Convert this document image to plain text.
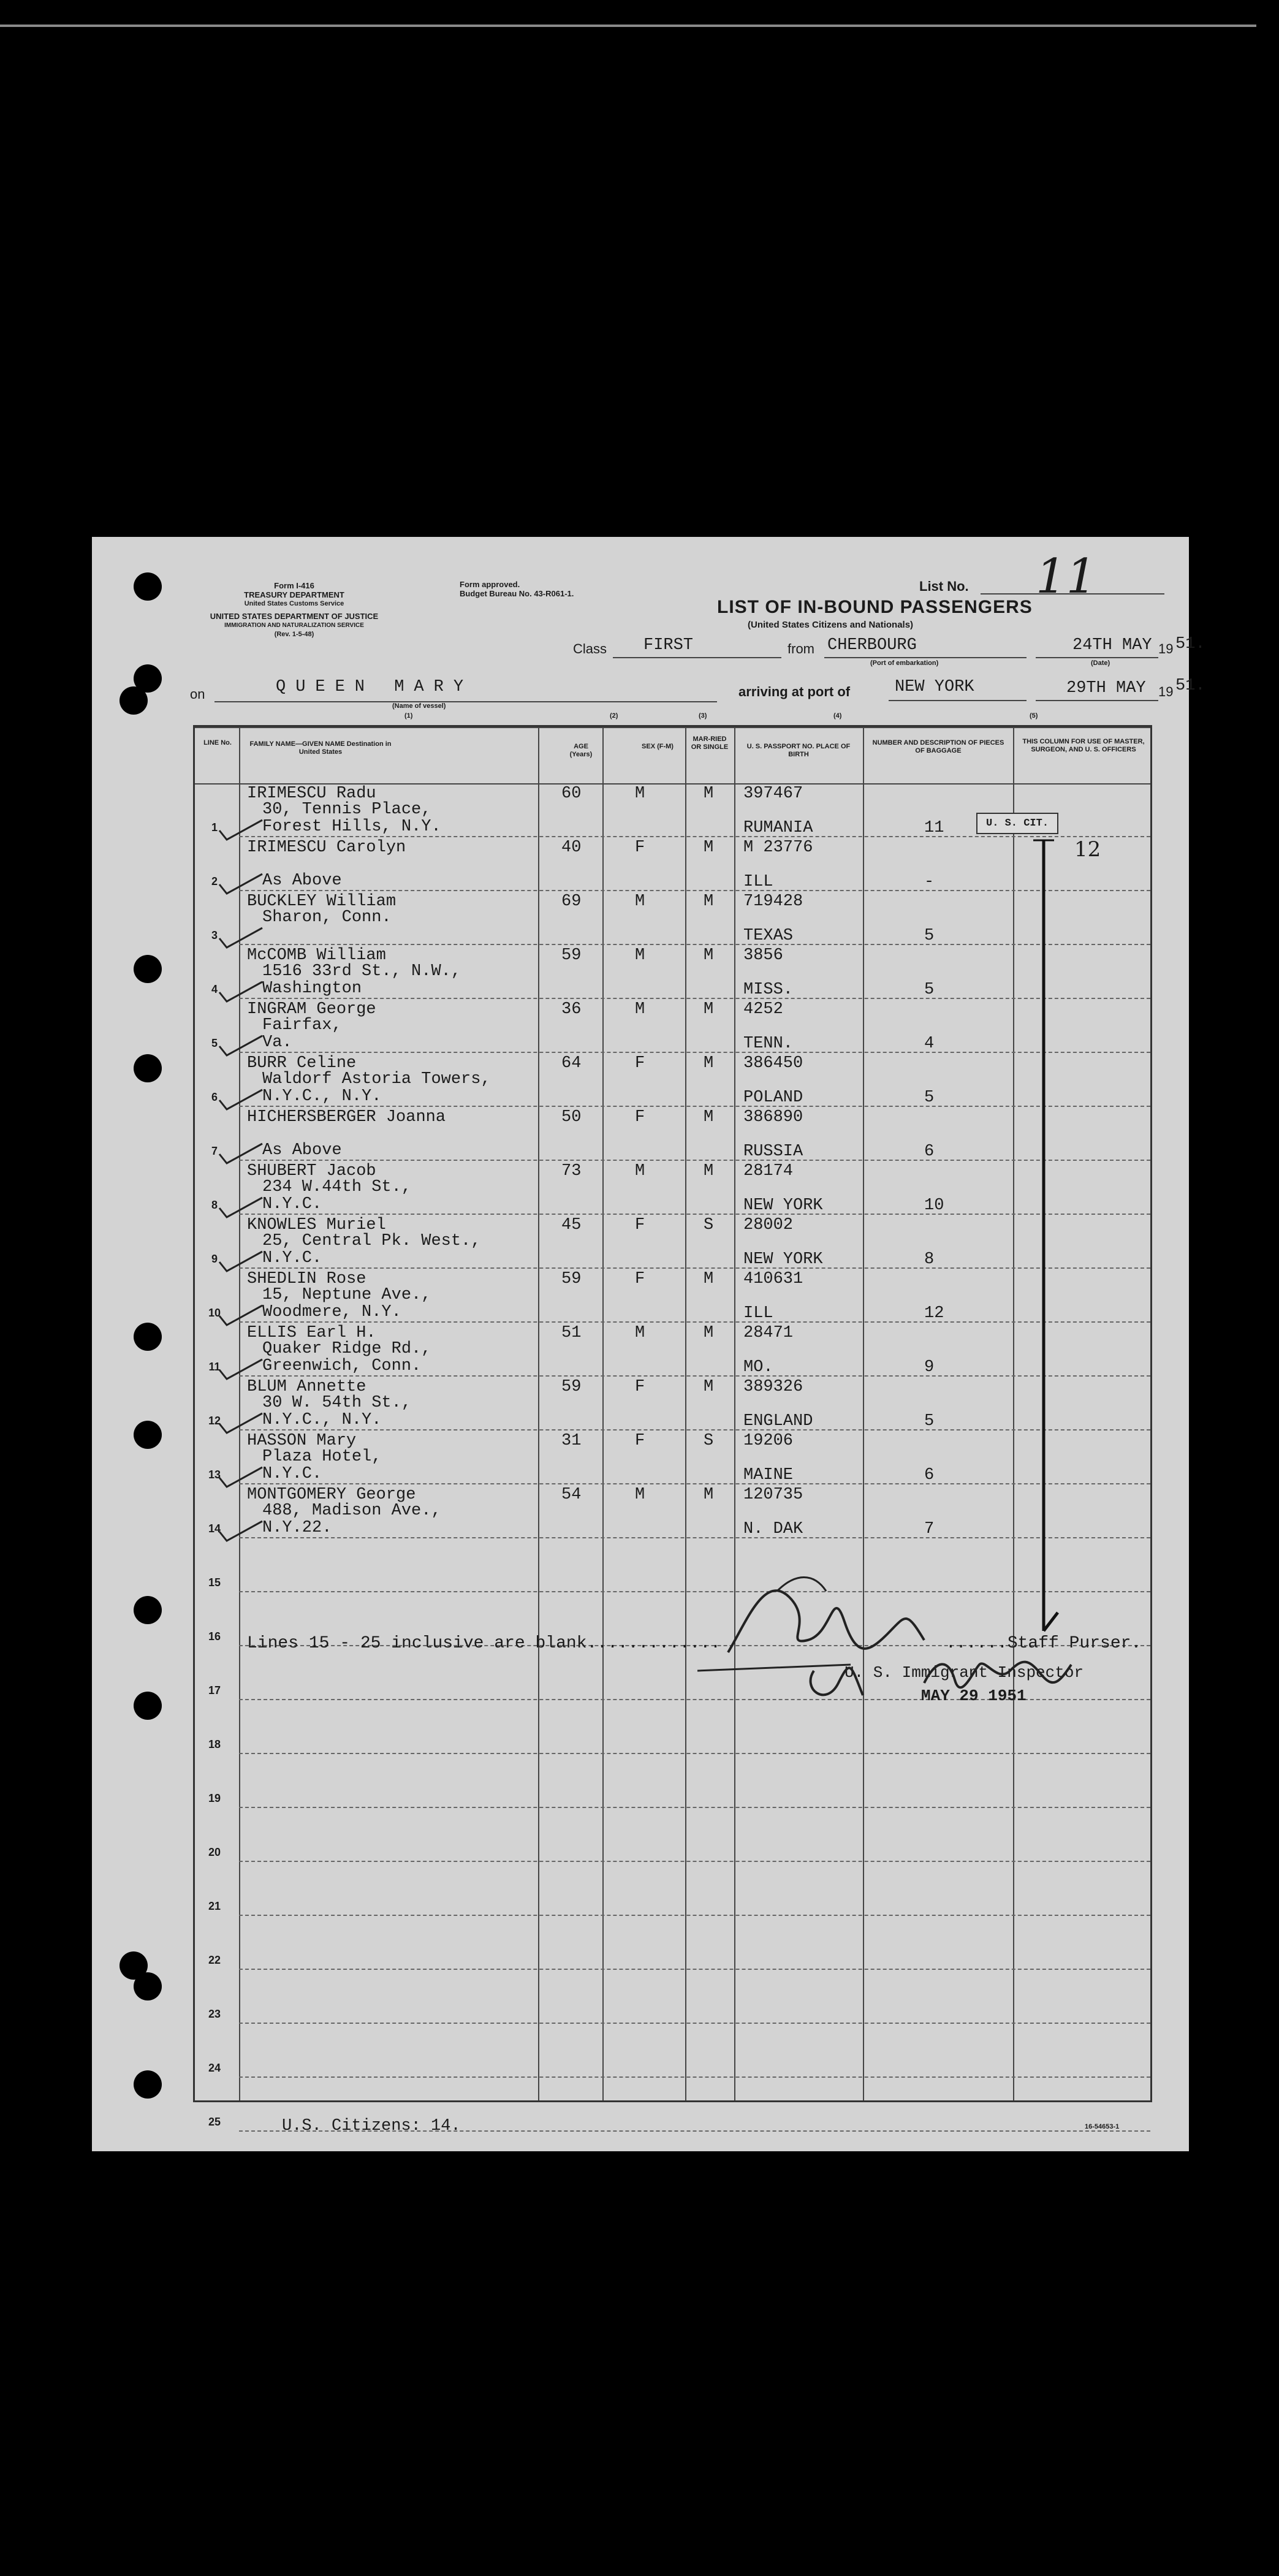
Form I-416
TREASURY DEPARTMENT
United States Customs Service
UNITED STATES DEPARTMENT OF JUSTICE
IMMIGRATION AND NATURALIZATION SERVICE
(Rev. 1-5-48)
Form approved.
Budget Bureau No. 43-R061-1.	List No. 11
LIST OF IN-BOUND PASSENGERS
(United States Citizens and Nationals)
Class FIRST	from CHERBOURG
(Port of embarkation)
24TH MAY
(Date)
19 51.
on	QUEEN MARY
(Name of vessel)
arriving at port of	NEW YORK	29TH MAY 19 51.
(1)	(2)	(3)	(4)	(5)
LINE No.	FAMILY NAME—GIVEN NAME Destination in United States
AGE (Years)
SEX (F-M)
MAR-RIED OR SINGLE	U. S. PASSPORT NO. PLACE OF BIRTH
NUMBER AND DESCRIPTION OF PIECES OF BAGGAGE
THIS COLUMN FOR USE OF MASTER, SURGEON, AND U. S. OFFICERS
1
IRIMESCU Radu
30, Tennis Place,
Forest Hills, N.Y.
60	M	M 397467
RUMANIA	11
2
IRIMESCU Carolyn
As Above
40	F	M M 23776
ILL	-
3
BUCKLEY William
Sharon, Conn.
69	M	M 719428
TEXAS	5
4
McCOMB William
1516 33rd St., N.W.,
Washington
59	M	M 3856
MISS.	5
5
INGRAM George
Fairfax,
Va.
36	M	M 4252
TENN.	4
6
BURR Celine
Waldorf Astoria Towers,
N.Y.C., N.Y.
64	F	M 386450
POLAND	5
7
HICHERSBERGER Joanna
As Above
50	F	M 386890
RUSSIA	6
8
SHUBERT Jacob
234 W.44th St.,
N.Y.C.
73	M	M 28174
NEW YORK	10
9
KNOWLES Muriel
25, Central Pk. West.,
N.Y.C.
45	F	S 28002
NEW YORK	8
10
SHEDLIN Rose
15, Neptune Ave.,
Woodmere, N.Y.
59	F	M 410631
ILL	12
11
ELLIS Earl H.
Quaker Ridge Rd.,
Greenwich, Conn.
51	M	M 28471
MO.	9
12
BLUM Annette
30 W. 54th St.,
N.Y.C., N.Y.
59	F	M 389326
ENGLAND	5
13
HASSON Mary
Plaza Hotel,
N.Y.C.
31	F	S 19206
MAINE	6
14
MONTGOMERY George
488, Madison Ave.,
N.Y.22.
54	M	M 120735
N. DAK	7
15
16
17
18
19
20
21
22
23
24
25
Lines 15 - 25 inclusive are blank.............	......Staff Purser.
U. S. Immigrant Inspector
MAY 29 1951
U. S. CIT.
12
U.S. Citizens: 14.	16-54653-1
